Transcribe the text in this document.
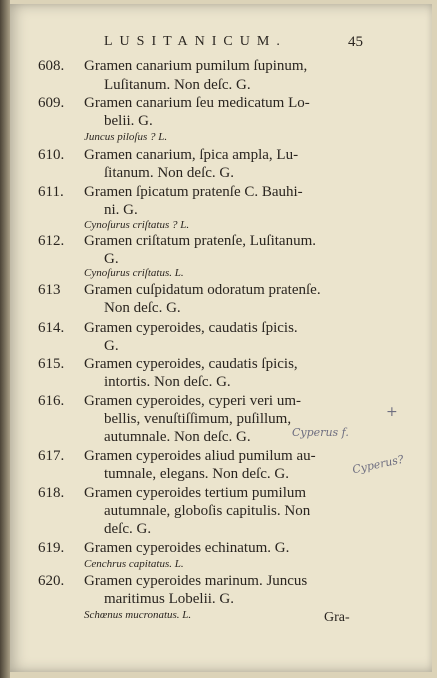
LUSITANICUM.	45
608. Gramen canarium pumilum ſupinum,
Luſitanum. Non deſc. G.
609. Gramen canarium ſeu medicatum Lo-
belii. G.
Juncus piloſus ? L.
610. Gramen canarium, ſpica ampla, Lu-
ſitanum. Non deſc. G.
611. Gramen ſpicatum pratenſe C. Bauhi-
ni. G.
Cynoſurus criſtatus ? L.
612. Gramen criſtatum pratenſe, Luſitanum.
G.
Cynoſurus criſtatus. L.
613 Gramen cuſpidatum odoratum pratenſe.
Non deſc. G.
614. Gramen cyperoides, caudatis ſpicis.
G.
615. Gramen cyperoides, caudatis ſpicis,
intortis. Non deſc. G.
616. Gramen cyperoides, cyperi veri um-
bellis, venuſtiſſimum, puſillum,
autumnale. Non deſc. G.	Cyperus f.
+
617. Gramen cyperoides aliud pumilum au-
tumnale, elegans. Non deſc. G.	Cyperus?
618. Gramen cyperoides tertium pumilum
autumnale, globoſis capitulis. Non
deſc. G.
619. Gramen cyperoides echinatum. G.
Cenchrus capitatus. L.
620. Gramen cyperoides marinum. Juncus
maritimus Lobelii. G.
Schœnus mucronatus. L.	Gra-
